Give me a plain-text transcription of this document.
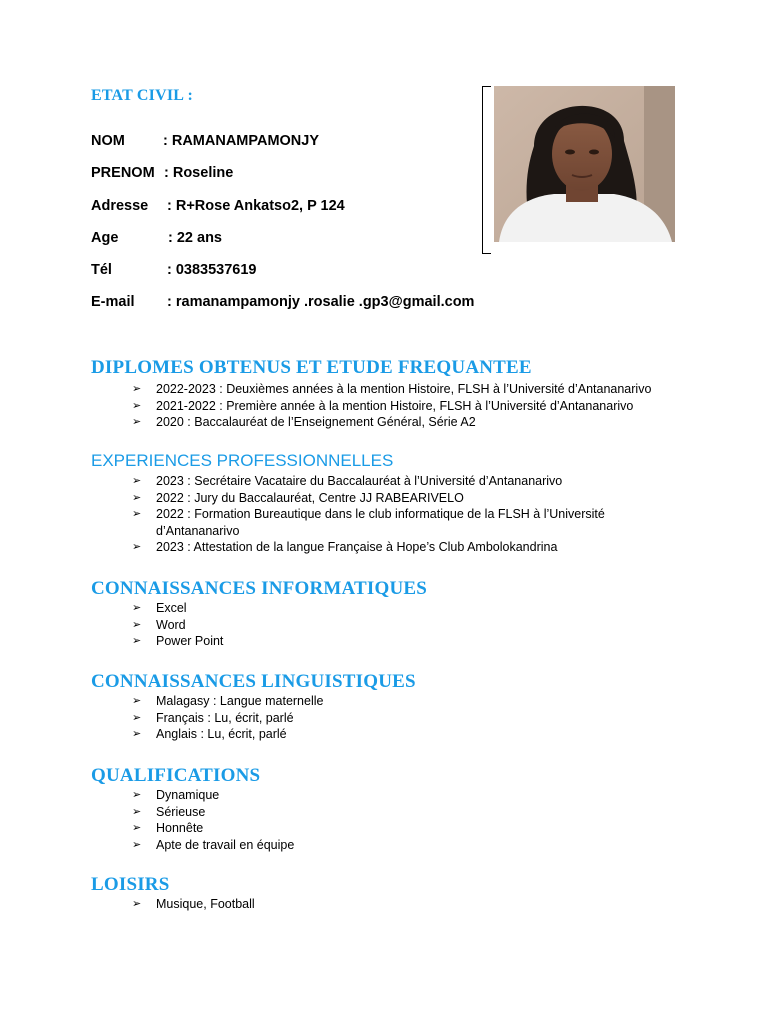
ETAT CIVIL :
NOM	: RAMANAMPAMONJY
PRENOM : Roseline
Adresse : R+Rose Ankatso2, P 124
Age	: 22 ans
Tél	: 0383537619
E-mail : ramanampamonjy .rosalie .gp3@gmail.com
DIPLOMES OBTENUS ET ETUDE FREQUANTEE
➢ 2022-2023 : Deuxièmes années à la mention Histoire, FLSH à l’Université d’Antananarivo
➢ 2021-2022 : Première année à la mention Histoire, FLSH à l’Université d’Antananarivo
➢ 2020 : Baccalauréat de l’Enseignement Général, Série A2
EXPERIENCES PROFESSIONNELLES
➢ 2023 : Secrétaire Vacataire du Baccalauréat à l’Université d’Antananarivo
➢ 2022 : Jury du Baccalauréat, Centre JJ RABEARIVELO
➢ 2022 : Formation Bureautique dans le club informatique de la FLSH à l’Université d’Antananarivo
➢ 2023 : Attestation de la langue Française à Hope’s Club Ambolokandrina
CONNAISSANCES INFORMATIQUES
➢ Excel
➢ Word
➢ Power Point
CONNAISSANCES LINGUISTIQUES
➢ Malagasy : Langue maternelle
➢ Français : Lu, écrit, parlé
➢ Anglais : Lu, écrit, parlé
QUALIFICATIONS
➢ Dynamique
➢ Sérieuse
➢ Honnête
➢ Apte de travail en équipe
LOISIRS
➢ Musique, Football
